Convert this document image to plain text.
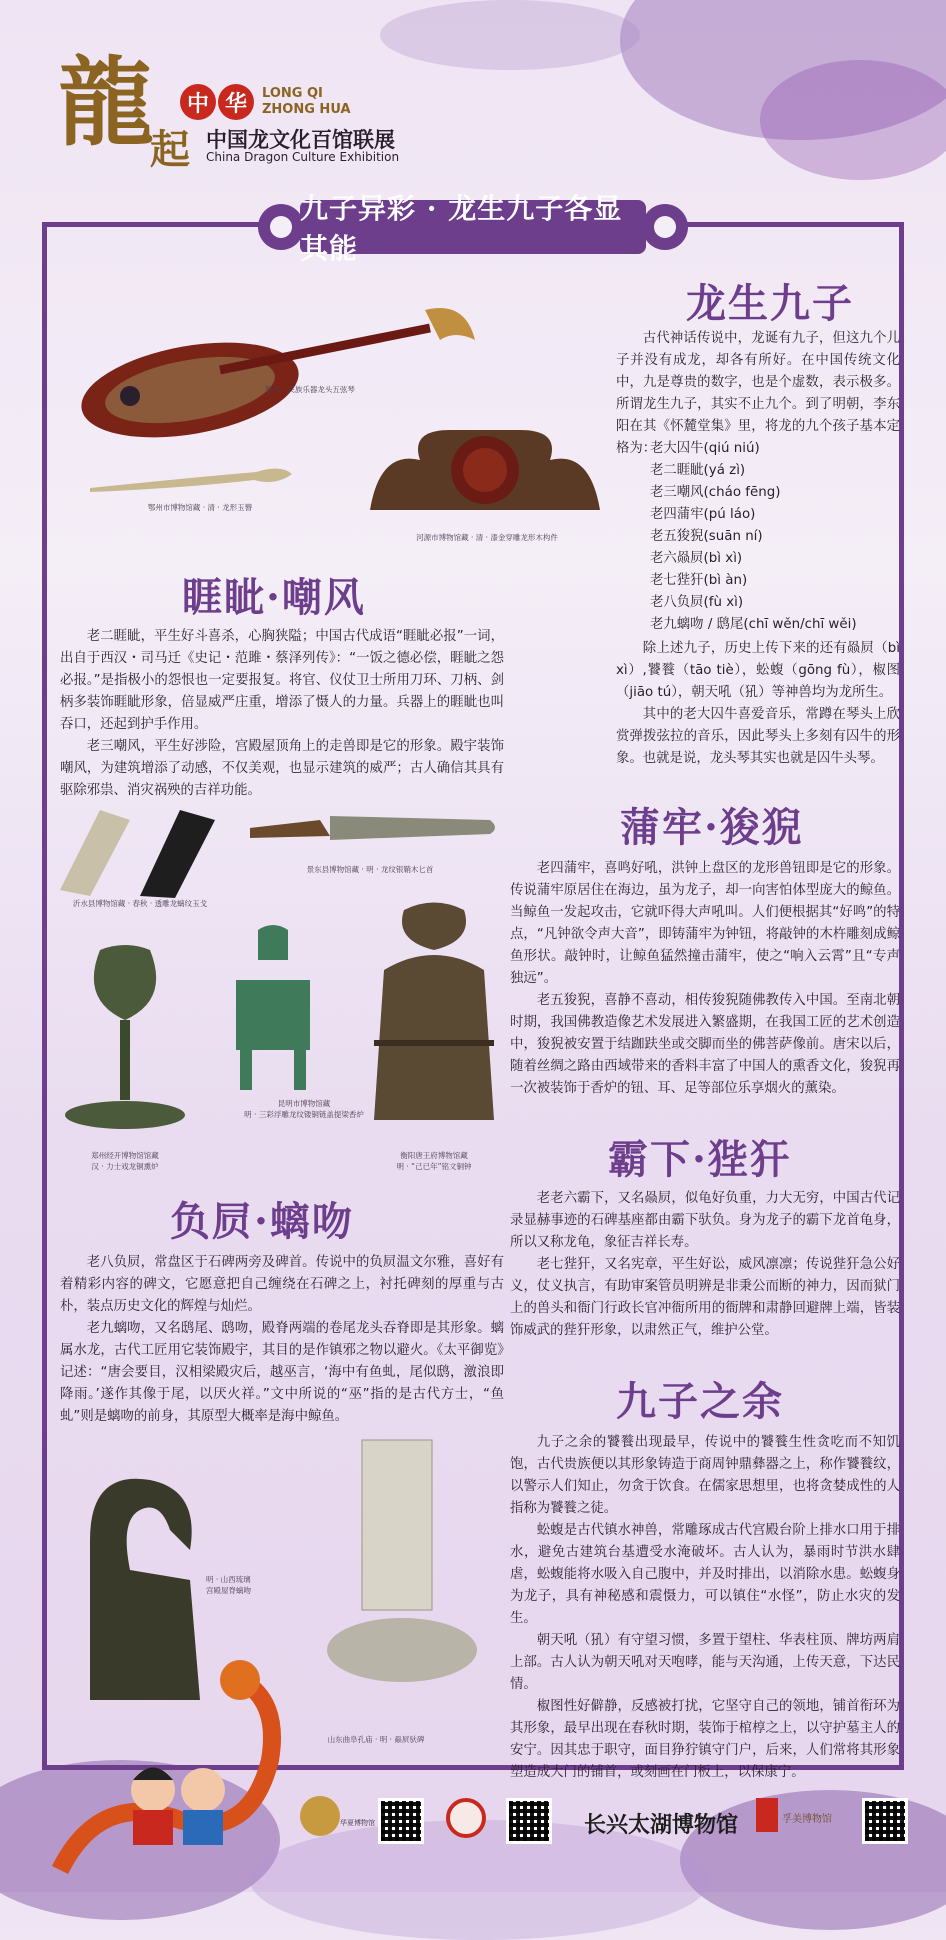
龍
起
中 华	LONG QI
ZHONG HUA
中国龙文化百馆联展
China Dragon Culture Exhibition
九子异彩 · 龙生九子各显其能
龙生九子

古代神话传说中，龙诞有九子，但这九个儿子并没有成龙，却各有所好。在中国传统文化中，九是尊贵的数字，也是个虚数，表示极多。所谓龙生九子，其实不止九个。到了明朝，李东阳在其《怀麓堂集》里，将龙的九个孩子基本定格为：

老大囚牛(qiú niú)
老二睚眦(yá zì)
老三嘲风(cháo fēng)
老四蒲牢(pú láo)
老五狻猊(suān ní)
老六赑屃(bì xì)
老七狴犴(bì àn)
老八负屃(fù xì)
老九螭吻 / 鸱尾(chī wěn/chī wěi)

除上述九子，历史上传下来的还有赑屃（bì xì）,饕餮（tāo tiè），蚣蝮（gōng fù），椒图（jiāo tú），朝天吼（犼）等神兽均为龙所生。

其中的老大囚牛喜爱音乐，常蹲在琴头上欣赏弹拨弦拉的音乐，因此琴头上多刻有囚牛的形象。也就是说，龙头琴其实也就是囚牛头琴。

现代 · 民族乐器龙头五弦琴
鄂州市博物馆藏 · 清 · 龙形玉簪
河源市博物馆藏 · 清 · 漆金穿雕龙形木构件
睚眦·嘲风

老二睚眦，平生好斗喜杀，心胸狭隘；中国古代成语“睚眦必报”一词，出自于西汉・司马迁《史记・范雎・蔡泽列传》：“一饭之德必偿，睚眦之怨必报。”是指极小的怨恨也一定要报复。将官、仪仗卫士所用刀环、刀柄、剑柄多装饰睚眦形象，倍显威严庄重，增添了慑人的力量。兵器上的睚眦也叫吞口，还起到护手作用。

老三嘲风，平生好涉险，宫殿屋顶角上的走兽即是它的形象。殿宇装饰嘲风，为建筑增添了动感，不仅美观，也显示建筑的威严；古人确信其具有驱除邪祟、消灾祸殃的吉祥功能。

沂水县博物馆藏 · 春秋 · 透雕龙螭纹玉戈
景东县博物馆藏 · 明 · 龙纹银鞘木匕首
郑州经开博物馆馆藏
汉 · 力士戏龙铜熏炉
昆明市博物馆藏
明 · 三彩浮雕龙纹镂铜链盖提梁香炉
衡阳唐王府博物馆藏
明 · “己已年”铭文铜钟
蒲牢·狻猊

老四蒲牢，喜鸣好吼，洪钟上盘区的龙形兽钮即是它的形象。传说蒲牢原居住在海边，虽为龙子，却一向害怕体型庞大的鲸鱼。当鲸鱼一发起攻击，它就吓得大声吼叫。人们便根据其“好鸣”的特点，“凡钟欲令声大音”，即铸蒲牢为钟钮，将敲钟的木杵雕刻成鲸鱼形状。敲钟时，让鲸鱼猛然撞击蒲牢，使之“响入云霄”且“专声独远”。

老五狻猊，喜静不喜动，相传狻猊随佛教传入中国。至南北朝时期，我国佛教造像艺术发展进入繁盛期，在我国工匠的艺术创造中，狻猊被安置于结跏趺坐或交脚而坐的佛菩萨像前。唐宋以后，随着丝绸之路由西域带来的香料丰富了中国人的熏香文化，狻猊再一次被装饰于香炉的钮、耳、足等部位乐享烟火的薰染。

霸下·狴犴

老老六霸下，又名赑屃，似龟好负重，力大无穷，中国古代记录显赫事迹的石碑基座都由霸下驮负。身为龙子的霸下龙首龟身，所以又称龙龟，象征吉祥长寿。

老七狴犴，又名宪章，平生好讼，威风凛凛；传说狴犴急公好义，仗义执言，有助审案管员明辨是非秉公而断的神力，因而狱门上的兽头和衙门行政长官冲衙所用的衙牌和肃静回避牌上端，皆装饰威武的狴犴形象，以肃然正气，维护公堂。

负屃·螭吻

老八负屃，常盘区于石碑两旁及碑首。传说中的负屃温文尔雅，喜好有着精彩内容的碑文，它愿意把自己缠绕在石碑之上，衬托碑刻的厚重与古朴，装点历史文化的辉煌与灿烂。

老九螭吻，又名鸱尾、鸱吻，殿脊两端的卷尾龙头吞脊即是其形象。螭属水龙，古代工匠用它装饰殿宇，其目的是作镇邪之物以避火。《太平御览》记述：“唐会要目，汉相梁殿灾后，越巫言，‘海中有鱼虬，尾似鸱，激浪即降雨。’遂作其像于尾，以厌火祥。”文中所说的“巫”指的是古代方士，“鱼虬”则是螭吻的前身，其原型大概率是海中鲸鱼。

明 · 山西琉璃
宫殿屋脊螭吻
山东曲阜孔庙 · 明 · 赑屃驮碑
九子之余

九子之余的饕餮出现最早，传说中的饕餮生性贪吃而不知饥饱，古代贵族便以其形象铸造于商周钟鼎彝器之上，称作饕餮纹，以警示人们知止，勿贪于饮食。在儒家思想里，也将贪婪成性的人指称为饕餮之徒。

蚣蝮是古代镇水神兽，常雕琢成古代宫殿台阶上排水口用于排水，避免古建筑台基遭受水淹破坏。古人认为，暴雨时节洪水肆虐，蚣蝮能将水吸入自己腹中，并及时排出，以消除水患。蚣蝮身为龙子，具有神秘感和震慑力，可以镇住“水怪”，防止水灾的发生。

朝天吼（犼）有守望习惯，多置于望柱、华表柱顶、牌坊两肩上部。古人认为朝天吼对天咆哮，能与天沟通，上传天意，下达民情。

椒图性好僻静，反感被打扰，它坚守自己的领地，铺首衔环为其形象，最早出现在春秋时期，装饰于棺椁之上，以守护墓主人的安宁。因其忠于职守，面目狰狞镇守门户，后来，人们常将其形象塑造成大门的铺首，或刻画在门板上，以保康宁。

华夏博物馆	长兴太湖博物馆	孚美博物馆
